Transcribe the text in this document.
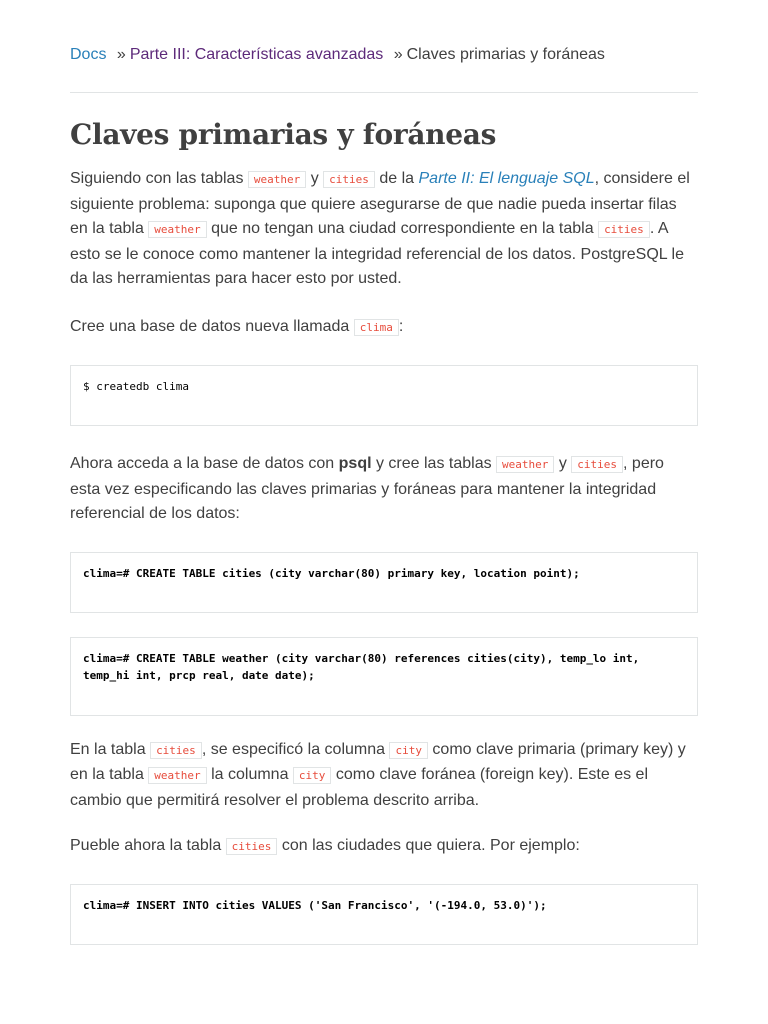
Docs » Parte III: Características avanzadas » Claves primarias y foráneas
Claves primarias y foráneas

Siguiendo con las tablas weather y cities de la Parte II: El lenguaje SQL, considere el siguiente problema: suponga que quiere asegurarse de que nadie pueda insertar filas en la tabla weather que no tengan una ciudad correspondiente en la tabla cities . A esto se le conoce como mantener la integridad referencial de los datos. PostgreSQL le da las herramientas para hacer esto por usted.

Cree una base de datos nueva llamada clima :

$ createdb clima

Ahora acceda a la base de datos con psql y cree las tablas weather y cities , pero esta vez especificando las claves primarias y foráneas para mantener la integridad referencial de los datos:

clima=# CREATE TABLE cities (city varchar(80) primary key, location point);
clima=# CREATE TABLE weather (city varchar(80) references cities(city), temp_lo int, temp_hi int, prcp real, date date);

En la tabla cities , se especificó la columna city como clave primaria (primary key) y en la tabla weather la columna city como clave foránea (foreign key). Este es el cambio que permitirá resolver el problema descrito arriba.

Pueble ahora la tabla cities con las ciudades que quiera. Por ejemplo:

clima=# INSERT INTO cities VALUES ('San Francisco', '(-194.0, 53.0)');
